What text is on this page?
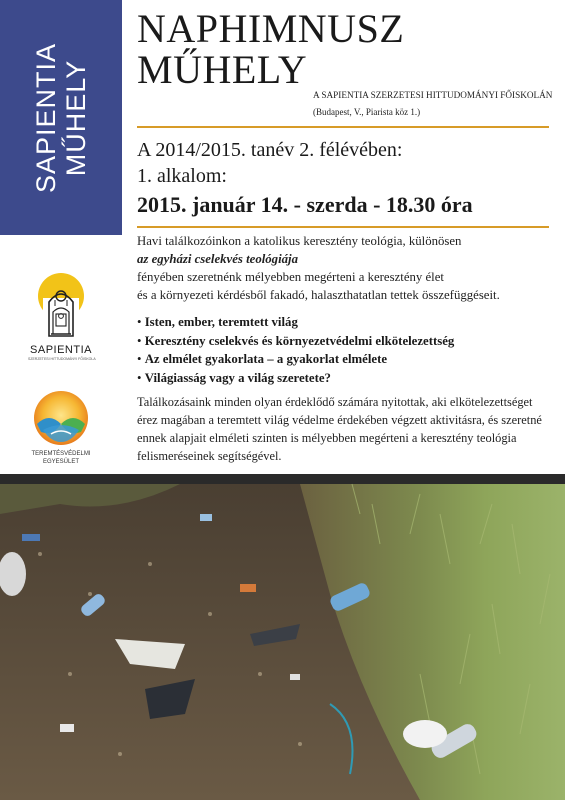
SAPIENTIA MŰHELY
SAPIENTIA
SZERZETESI HITTUDOMÁNYI FŐISKOLA
TEREMTÉSVÉDELMI
EGYESÜLET
NAPHIMNUSZ
MŰHELY
A SAPIENTIA SZERZETESI HITTUDOMÁNYI FŐISKOLÁN
(Budapest, V., Piarista köz 1.)
A 2014/2015. tanév 2. félévében:
1. alkalom:
2015. január 14. - szerda - 18.30 óra
Havi találkozóinkon a katolikus keresztény teológia, különösen
az egyházi cselekvés teológiája
fényében szeretnénk mélyebben megérteni a keresztény élet
és a környezeti kérdésből fakadó, halaszthatatlan tettek összefüggéseit.
• Isten, ember, teremtett világ
• Keresztény cselekvés és környezetvédelmi elkötelezettség
• Az elmélet gyakorlata – a gyakorlat elmélete
• Világiasság vagy a világ szeretete?
Találkozásaink minden olyan érdeklődő számára nyitottak, aki elkötelezettséget
érez magában a teremtett világ védelme érdekében végzett aktivitásra, és szeretné
ennek alapjait elméleti szinten is mélyebben megérteni a keresztény teológia
felismeréseinek segítségével.
